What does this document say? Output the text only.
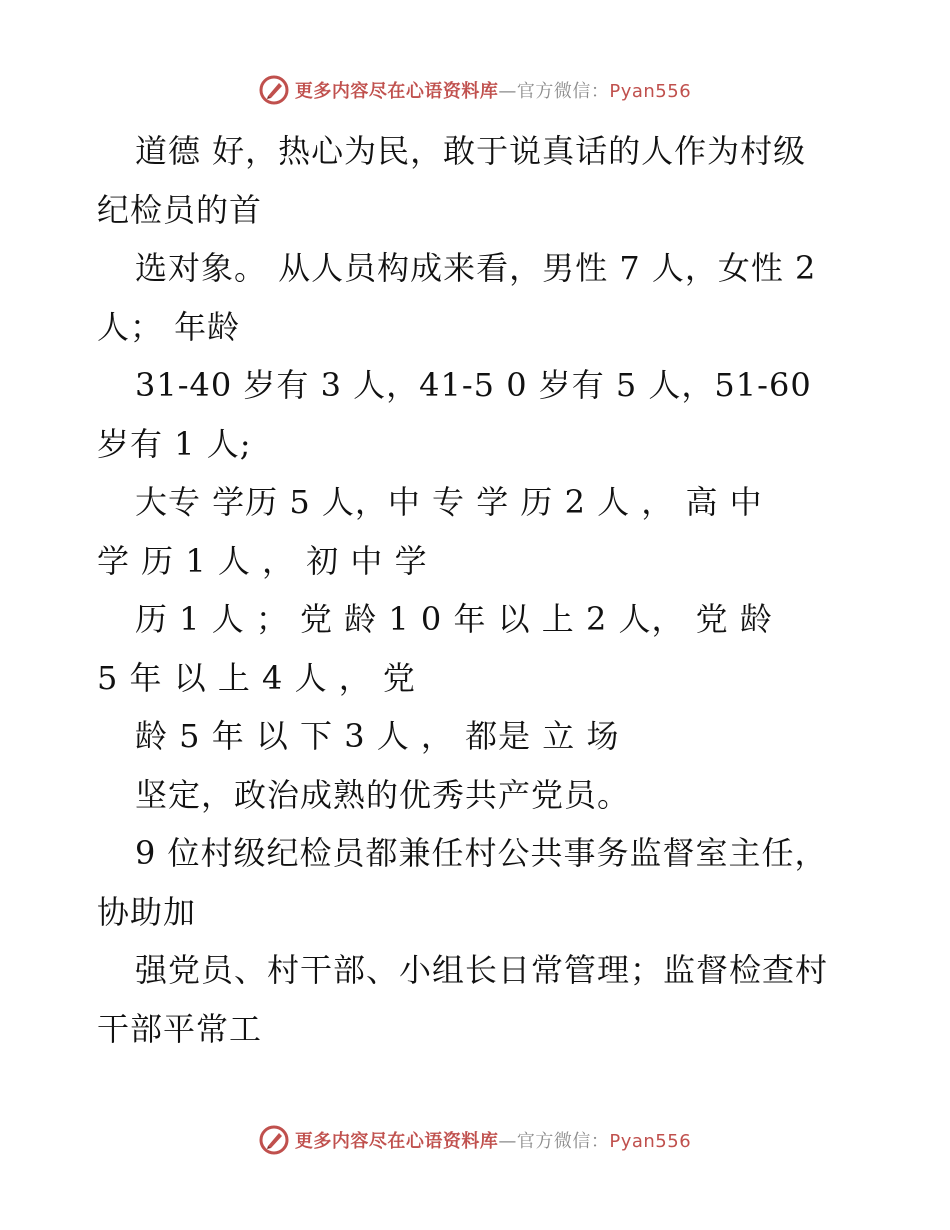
更多内容尽在心语资料库—官方微信：Pyan556
道德 好，热心为民，敢于说真话的人作为村级
纪检员的首
选对象。 从人员构成来看，男性 7 人，女性 2
人； 年龄
31-40 岁有 3 人，41-5 0 岁有 5 人，51-60
岁有 1 人;
大专 学历 5 人，中 专 学 历 2 人 ， 高 中
学 历 1 人 ， 初 中 学
历 1 人 ； 党 龄 1 0 年 以 上 2 人， 党 龄
5 年 以 上 4 人 ， 党
龄 5 年 以 下 3 人 ， 都是 立 场
坚定，政治成熟的优秀共产党员。
9 位村级纪检员都兼任村公共事务监督室主任，
协助加
强党员、村干部、小组长日常管理；监督检查村
干部平常工
更多内容尽在心语资料库—官方微信：Pyan556
